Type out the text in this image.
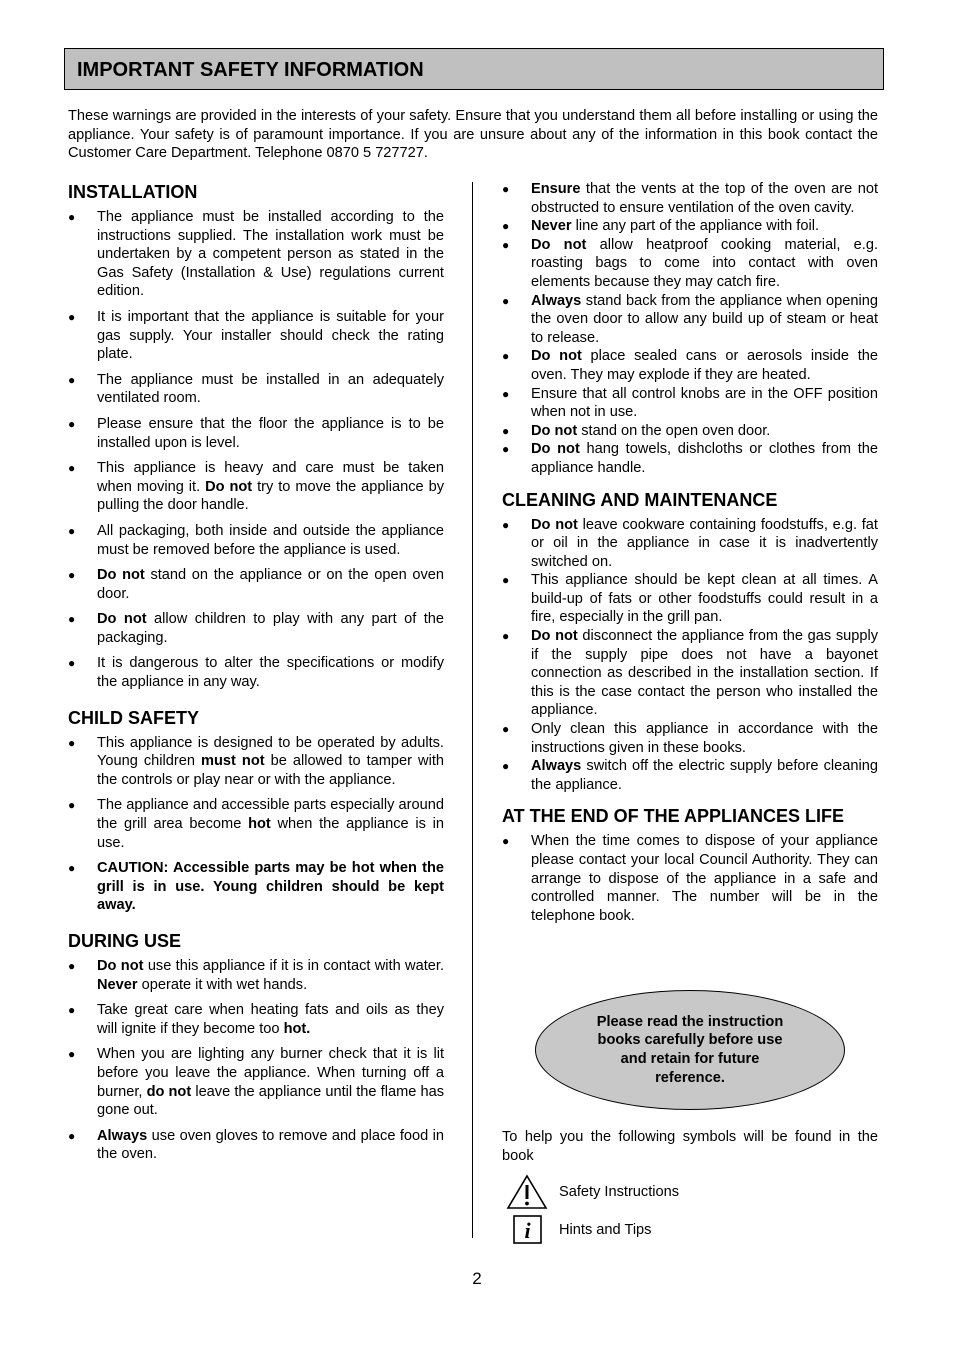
IMPORTANT SAFETY INFORMATION

These warnings are provided in the interests of your safety. Ensure that you understand them all before installing or using the appliance. Your safety is of paramount importance. If you are unsure about any of the information in this book contact the Customer Care Department. Telephone 0870 5 727727.

INSTALLATION
● The appliance must be installed according to the instructions supplied. The installation work must be undertaken by a competent person as stated in the Gas Safety (Installation & Use) regulations current edition.
● It is important that the appliance is suitable for your gas supply. Your installer should check the rating plate.
● The appliance must be installed in an adequately ventilated room.
● Please ensure that the floor the appliance is to be installed upon is level.
● This appliance is heavy and care must be taken when moving it. Do not try to move the appliance by pulling the door handle.
● All packaging, both inside and outside the appliance must be removed before the appliance is used.
● Do not stand on the appliance or on the open oven door.
● Do not allow children to play with any part of the packaging.
● It is dangerous to alter the specifications or modify the appliance in any way.
CHILD SAFETY
● This appliance is designed to be operated by adults. Young children must not be allowed to tamper with the controls or play near or with the appliance.
● The appliance and accessible parts especially around the grill area become hot when the appliance is in use.
● CAUTION: Accessible parts may be hot when the grill is in use. Young children should be kept away.
DURING USE
● Do not use this appliance if it is in contact with water. Never operate it with wet hands.
● Take great care when heating fats and oils as they will ignite if they become too hot.
● When you are lighting any burner check that it is lit before you leave the appliance. When turning off a burner, do not leave the appliance until the flame has gone out.
● Always use oven gloves to remove and place food in the oven.
● Ensure that the vents at the top of the oven are not obstructed to ensure ventilation of the oven cavity.
● Never line any part of the appliance with foil.
● Do not allow heatproof cooking material, e.g. roasting bags to come into contact with oven elements because they may catch fire.
● Always stand back from the appliance when opening the oven door to allow any build up of steam or heat to release.
● Do not place sealed cans or aerosols inside the oven. They may explode if they are heated.
● Ensure that all control knobs are in the OFF position when not in use.
● Do not stand on the open oven door.
● Do not hang towels, dishcloths or clothes from the appliance handle.
CLEANING AND MAINTENANCE
● Do not leave cookware containing foodstuffs, e.g. fat or oil in the appliance in case it is inadvertently switched on.
● This appliance should be kept clean at all times. A build-up of fats or other foodstuffs could result in a fire, especially in the grill pan.
● Do not disconnect the appliance from the gas supply if the supply pipe does not have a bayonet connection as described in the installation section. If this is the case contact the person who installed the appliance.
● Only clean this appliance in accordance with the instructions given in these books.
● Always switch off the electric supply before cleaning the appliance.
AT THE END OF THE APPLIANCES LIFE
● When the time comes to dispose of your appliance please contact your local Council Authority. They can arrange to dispose of the appliance in a safe and controlled manner. The number will be in the telephone book.
Please read the instruction books carefully before use and retain for future reference.

To help you the following symbols will be found in the book

Safety Instructions
i Hints and Tips
2
